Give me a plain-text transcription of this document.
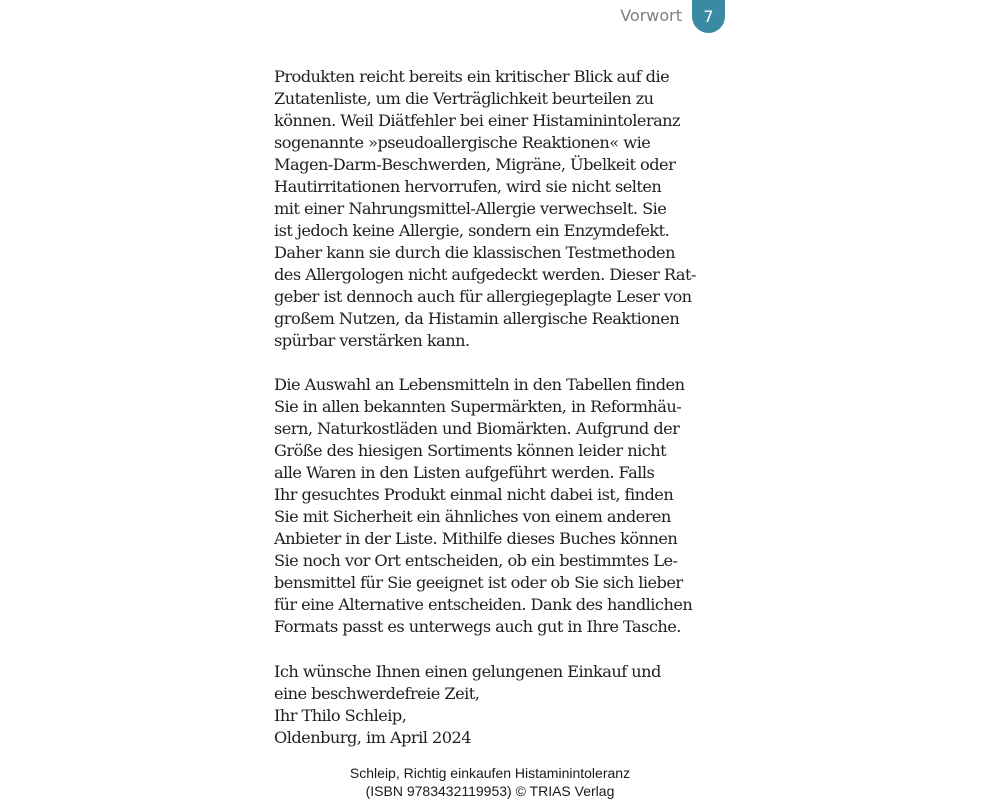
Vorwort	7
Produkten reicht bereits ein kritischer Blick auf die
Zutatenliste, um die Verträglichkeit beurteilen zu
können. Weil Diätfehler bei einer Histaminintoleranz
sogenannte »pseudoallergische Reaktionen« wie
Magen-Darm-Beschwerden, Migräne, Übelkeit oder
Hautirritationen hervorrufen, wird sie nicht selten
mit einer Nahrungsmittel-Allergie verwechselt. Sie
ist jedoch keine Allergie, sondern ein Enzymdefekt.
Daher kann sie durch die klassischen Testmethoden
des Allergologen nicht aufgedeckt werden. Dieser Rat-
geber ist dennoch auch für allergiegeplagte Leser von
großem Nutzen, da Histamin allergische Reaktionen
spürbar verstärken kann.
Die Auswahl an Lebensmitteln in den Tabellen finden
Sie in allen bekannten Supermärkten, in Reformhäu-
sern, Naturkostläden und Biomärkten. Aufgrund der
Größe des hiesigen Sortiments können leider nicht
alle Waren in den Listen aufgeführt werden. Falls
Ihr gesuchtes Produkt einmal nicht dabei ist, finden
Sie mit Sicherheit ein ähnliches von einem anderen
Anbieter in der Liste. Mithilfe dieses Buches können
Sie noch vor Ort entscheiden, ob ein bestimmtes Le-
bensmittel für Sie geeignet ist oder ob Sie sich lieber
für eine Alternative entscheiden. Dank des handlichen
Formats passt es unterwegs auch gut in Ihre Tasche.
Ich wünsche Ihnen einen gelungenen Einkauf und
eine beschwerdefreie Zeit,
Ihr Thilo Schleip,
Oldenburg, im April 2024
Schleip, Richtig einkaufen Histaminintoleranz
(ISBN 9783432119953) © TRIAS Verlag
